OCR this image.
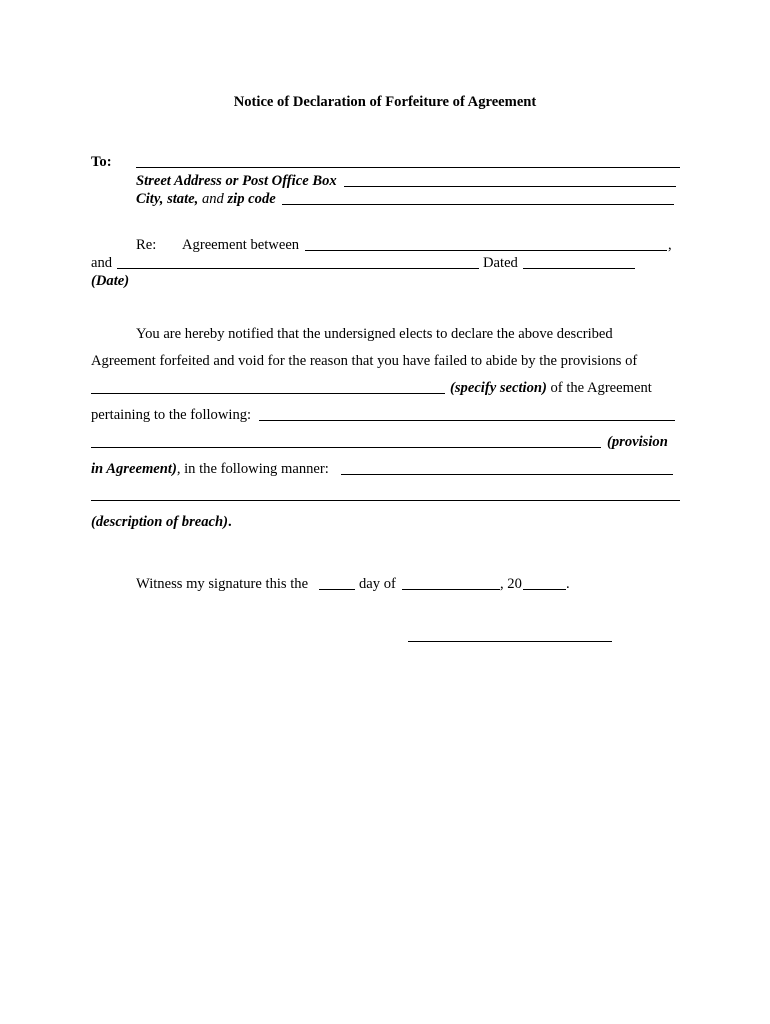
Notice of Declaration of Forfeiture of Agreement
To:
Street Address or Post Office Box
City, state, and zip code
Re: Agreement between	,
and	Dated
(Date)
You are hereby notified that the undersigned elects to declare the above described
Agreement forfeited and void for the reason that you have failed to abide by the provisions of
(specify section) of the Agreement
pertaining to the following:
(provision
in Agreement), in the following manner:
(description of breach).
Witness my signature this the	day of	, 20	.
